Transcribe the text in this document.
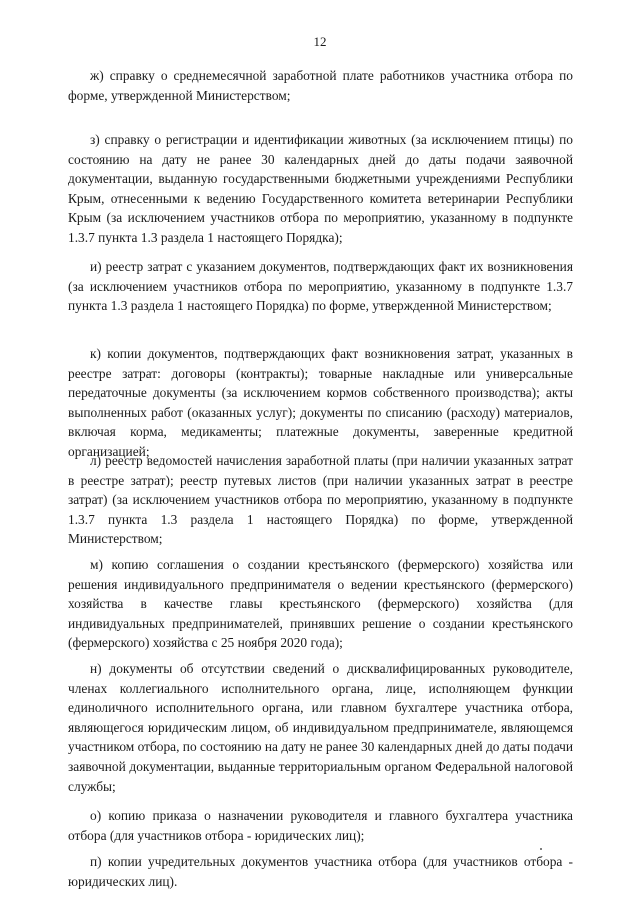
12

ж) справку о среднемесячной заработной плате работников участника отбора по форме, утвержденной Министерством;

з) справку о регистрации и идентификации животных (за исключением птицы) по состоянию на дату не ранее 30 календарных дней до даты подачи заявочной документации, выданную государственными бюджетными учреждениями Республики Крым, отнесенными к ведению Государственного комитета ветеринарии Республики Крым (за исключением участников отбора по мероприятию, указанному в подпункте 1.3.7 пункта 1.3 раздела 1 настоящего Порядка);

и) реестр затрат с указанием документов, подтверждающих факт их возникновения (за исключением участников отбора по мероприятию, указанному в подпункте 1.3.7 пункта 1.3 раздела 1 настоящего Порядка) по форме, утвержденной Министерством;

к) копии документов, подтверждающих факт возникновения затрат, указанных в реестре затрат: договоры (контракты); товарные накладные или универсальные передаточные документы (за исключением кормов собственного производства); акты выполненных работ (оказанных услуг); документы по списанию (расходу) материалов, включая корма, медикаменты; платежные документы, заверенные кредитной организацией;

л) реестр ведомостей начисления заработной платы (при наличии указанных затрат в реестре затрат); реестр путевых листов (при наличии указанных затрат в реестре затрат) (за исключением участников отбора по мероприятию, указанному в подпункте 1.3.7 пункта 1.3 раздела 1 настоящего Порядка) по форме, утвержденной Министерством;

м) копию соглашения о создании крестьянского (фермерского) хозяйства или решения индивидуального предпринимателя о ведении крестьянского (фермерского) хозяйства в качестве главы крестьянского (фермерского) хозяйства (для индивидуальных предпринимателей, принявших решение о создании крестьянского (фермерского) хозяйства с 25 ноября 2020 года);

н) документы об отсутствии сведений о дисквалифицированных руководителе, членах коллегиального исполнительного органа, лице, исполняющем функции единоличного исполнительного органа, или главном бухгалтере участника отбора, являющегося юридическим лицом, об индивидуальном предпринимателе, являющемся участником отбора, по состоянию на дату не ранее 30 календарных дней до даты подачи заявочной документации, выданные территориальным органом Федеральной налоговой службы;

о) копию приказа о назначении руководителя и главного бухгалтера участника отбора (для участников отбора - юридических лиц);

п) копии учредительных документов участника отбора (для участников отбора - юридических лиц).
